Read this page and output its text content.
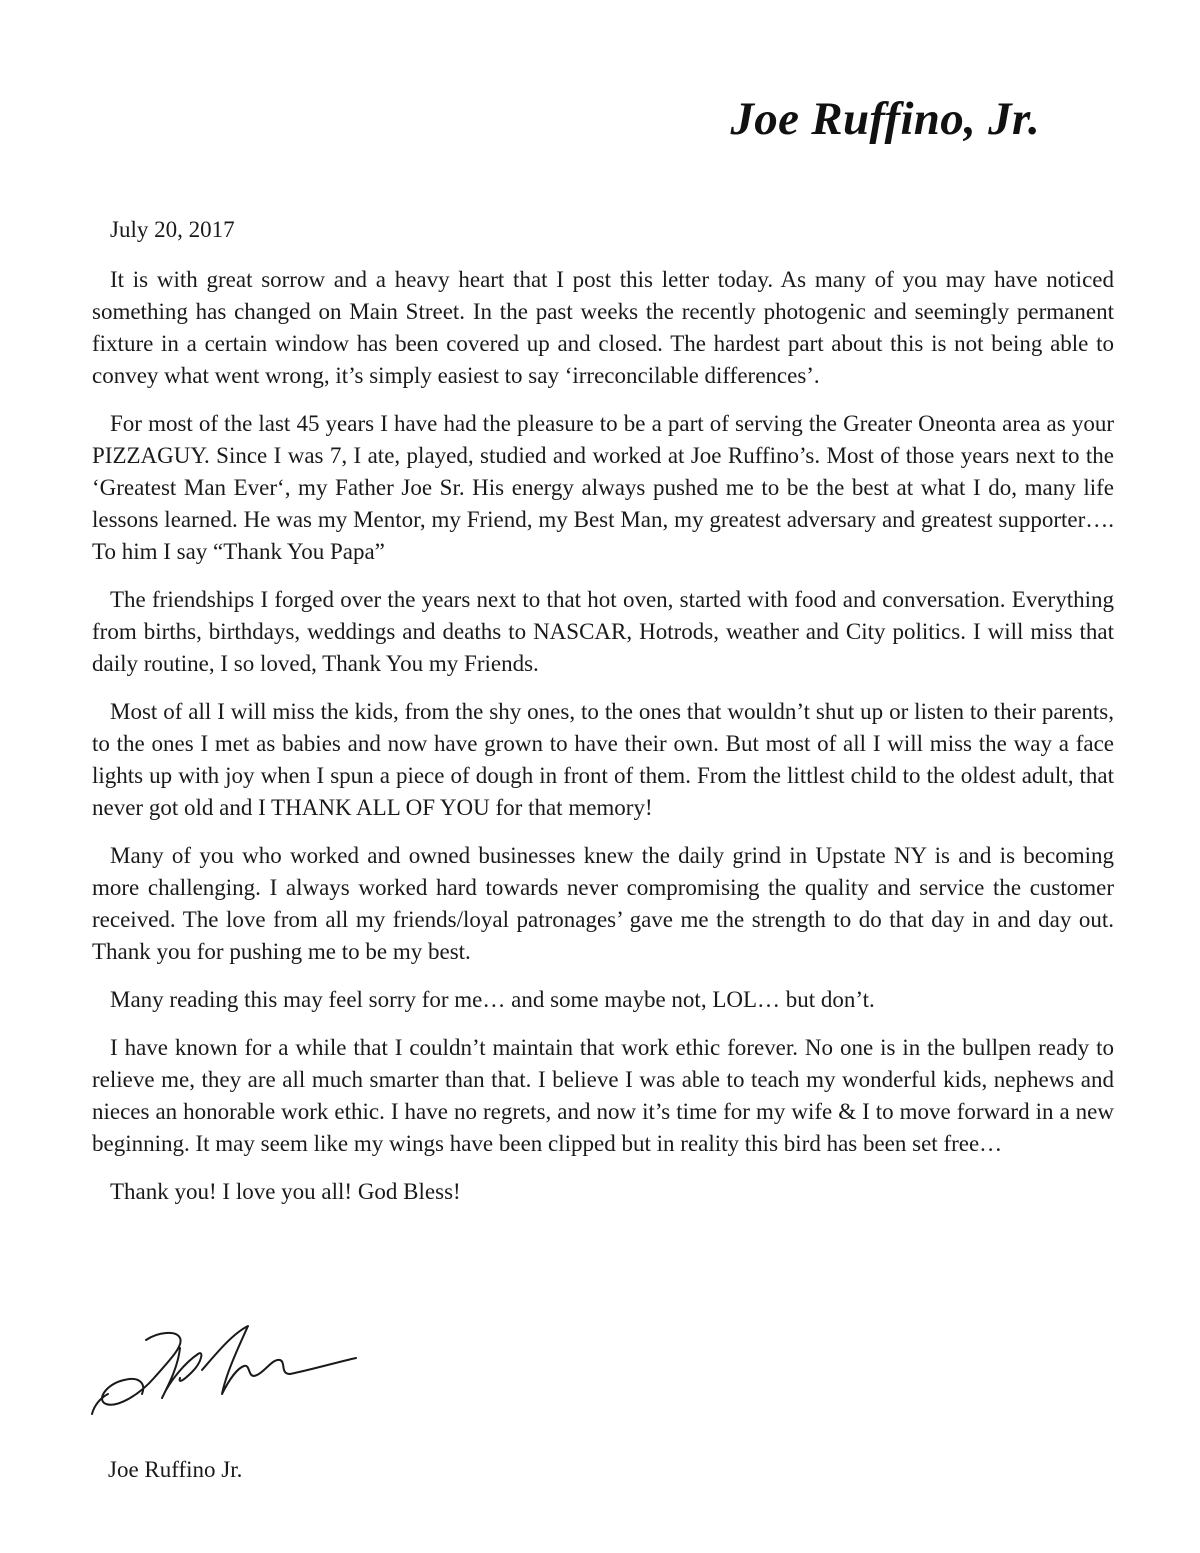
Joe Ruffino, Jr.

July 20, 2017

It is with great sorrow and a heavy heart that I post this letter today. As many of you may have noticed something has changed on Main Street. In the past weeks the recently photogenic and seemingly permanent fixture in a certain window has been covered up and closed. The hardest part about this is not being able to convey what went wrong, it’s simply easiest to say ‘irreconcilable differences’.

For most of the last 45 years I have had the pleasure to be a part of serving the Greater Oneonta area as your PIZZAGUY. Since I was 7, I ate, played, studied and worked at Joe Ruffino’s. Most of those years next to the ‘Greatest Man Ever‘, my Father Joe Sr. His energy always pushed me to be the best at what I do, many life lessons learned. He was my Mentor, my Friend, my Best Man, my greatest adversary and greatest supporter…. To him I say “Thank You Papa”

The friendships I forged over the years next to that hot oven, started with food and conversation. Everything from births, birthdays, weddings and deaths to NASCAR, Hotrods, weather and City politics. I will miss that daily routine, I so loved, Thank You my Friends.

Most of all I will miss the kids, from the shy ones, to the ones that wouldn’t shut up or listen to their parents, to the ones I met as babies and now have grown to have their own. But most of all I will miss the way a face lights up with joy when I spun a piece of dough in front of them. From the littlest child to the oldest adult, that never got old and I THANK ALL OF YOU for that memory!

Many of you who worked and owned businesses knew the daily grind in Upstate NY is and is becoming more challenging. I always worked hard towards never compromising the quality and service the customer received. The love from all my friends/loyal patronages’ gave me the strength to do that day in and day out. Thank you for pushing me to be my best.

Many reading this may feel sorry for me… and some maybe not, LOL… but don’t.

I have known for a while that I couldn’t maintain that work ethic forever. No one is in the bullpen ready to relieve me, they are all much smarter than that. I believe I was able to teach my wonderful kids, nephews and nieces an honorable work ethic. I have no regrets, and now it’s time for my wife & I to move forward in a new beginning. It may seem like my wings have been clipped but in reality this bird has been set free…

Thank you! I love you all! God Bless!

Joe Ruffino Jr.
